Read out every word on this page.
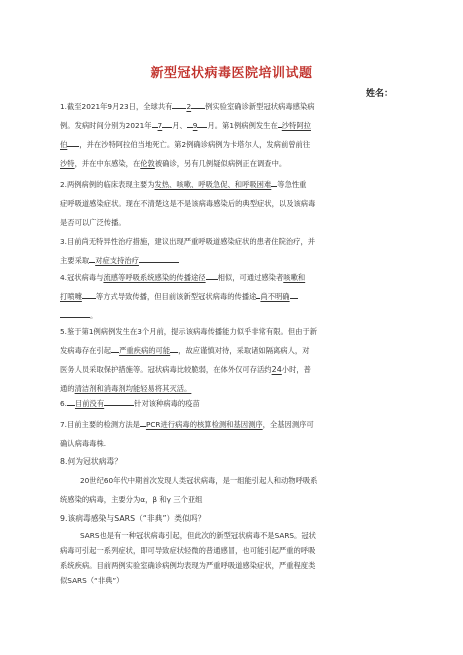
新型冠状病毒医院培训试题
姓名：
1.截至2021年9月23日，全球共有 2 例实验室确诊新型冠状病毒感染病
例。发病时间分别为2021年 7 月、 9 月。第1例病例发生在 沙特阿拉
伯 ，并在沙特阿拉伯当地死亡。第2例确诊病例为卡塔尔人，发病前曾前往
沙特，并在中东感染，在伦敦被确诊，另有几例疑似病例正在调查中。
2.两例病例的临床表现主要为发热、咳嗽、呼吸急促、和呼吸困难 等急性重
症呼吸道感染症状。现在不清楚这是不是该病毒感染后的典型症状，以及该病毒
是否可以广泛传播。
3.目前尚无特异性治疗措施，建议出现严重呼吸道感染症状的患者住院治疗，并
主要采取 对症支持治疗
4.冠状病毒与流感等呼吸系统感染的传播途径 相似，可通过感染者咳嗽和
打喷嚏 等方式导致传播，但目前该新型冠状病毒的传播途 尚不明确
。
5.鉴于第1例病例发生在3个月前，提示该病毒传播能力似乎非常有限。但由于新
发病毒存在引起 严重疾病的可能 ，故应谨慎对待，采取诸如隔离病人，对
医务人员采取保护措施等。冠状病毒比较脆弱，在体外仅可存活约24小时，普
通的清洁剂和消毒剂均能轻易将其灭活。
6. 目前没有	针对该种病毒的疫苗
7.目前主要的检测方法是 PCR进行病毒的核算检测和基因测序，全基因测序可
确认病毒毒株.
8.何为冠状病毒？
20世纪60年代中期首次发现人类冠状病毒，是一组能引起人和动物呼吸系
统感染的病毒，主要分为α，β 和γ 三个亚组
9.该病毒感染与SARS（“非典”）类似吗？
SARS也是有一种冠状病毒引起，但此次的新型冠状病毒不是SARS。冠状
病毒可引起一系列症状，即可导致症状轻微的普通感冒，也可能引起严重的呼吸
系统疾病。目前两例实验室确诊病例均表现为严重呼吸道感染症状，严重程度类
似SARS（“非典”）
